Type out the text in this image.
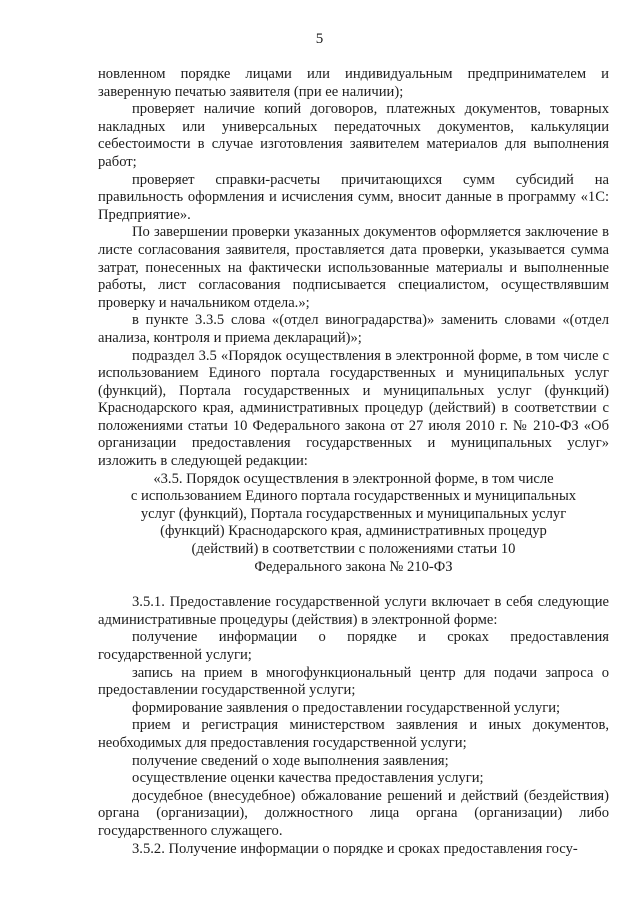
5

новленном порядке лицами или индивидуальным предпринимателем и заверенную печатью заявителя (при ее наличии);

проверяет наличие копий договоров, платежных документов, товарных накладных или универсальных передаточных документов, калькуляции себестоимости в случае изготовления заявителем материалов для выполнения работ;

проверяет справки-расчеты причитающихся сумм субсидий на правильность оформления и исчисления сумм, вносит данные в программу «1С: Предприятие».

По завершении проверки указанных документов оформляется заключение в листе согласования заявителя, проставляется дата проверки, указывается сумма затрат, понесенных на фактически использованные материалы и выполненные работы, лист согласования подписывается специалистом, осуществлявшим проверку и начальником отдела.»;

в пункте 3.3.5 слова «(отдел виноградарства)» заменить словами «(отдел анализа, контроля и приема деклараций)»;

подраздел 3.5 «Порядок осуществления в электронной форме, в том числе с использованием Единого портала государственных и муниципальных услуг (функций), Портала государственных и муниципальных услуг (функций) Краснодарского края, административных процедур (действий) в соответствии с положениями статьи 10 Федерального закона от 27 июля 2010 г. № 210-ФЗ «Об организации предоставления государственных и муниципальных услуг» изложить в следующей редакции:

«3.5. Порядок осуществления в электронной форме, в том числе

с использованием Единого портала государственных и муниципальных

услуг (функций), Портала государственных и муниципальных услуг

(функций) Краснодарского края, административных процедур

(действий) в соответствии с положениями статьи 10

Федерального закона № 210-ФЗ

3.5.1. Предоставление государственной услуги включает в себя следующие административные процедуры (действия) в электронной форме:

получение информации о порядке и сроках предоставления государственной услуги;

запись на прием в многофункциональный центр для подачи запроса о предоставлении государственной услуги;

формирование заявления о предоставлении государственной услуги;

прием и регистрация министерством заявления и иных документов, необходимых для предоставления государственной услуги;

получение сведений о ходе выполнения заявления;

осуществление оценки качества предоставления услуги;

досудебное (внесудебное) обжалование решений и действий (бездействия) органа (организации), должностного лица органа (организации) либо государственного служащего.

3.5.2. Получение информации о порядке и сроках предоставления госу-
